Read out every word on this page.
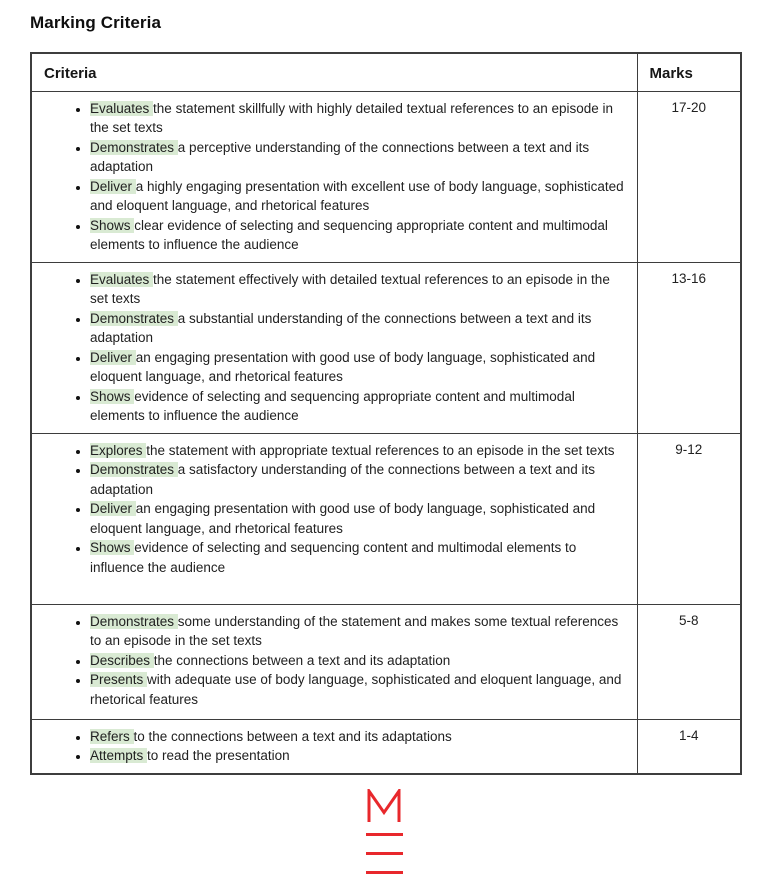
Marking Criteria
Criteria	Marks

• Evaluates the statement skillfully with highly detailed textual references to an episode in the set texts
• Demonstrates a perceptive understanding of the connections between a text and its adaptation
• Deliver a highly engaging presentation with excellent use of body language, sophisticated and eloquent language, and rhetorical features
• Shows clear evidence of selecting and sequencing appropriate content and multimodal elements to influence the audience
	17-20

• Evaluates the statement effectively with detailed textual references to an episode in the set texts
• Demonstrates a substantial understanding of the connections between a text and its adaptation
• Deliver an engaging presentation with good use of body language, sophisticated and eloquent language, and rhetorical features
• Shows evidence of selecting and sequencing appropriate content and multimodal elements to influence the audience
	13-16

• Explores the statement with appropriate textual references to an episode in the set texts
• Demonstrates a satisfactory understanding of the connections between a text and its adaptation
• Deliver an engaging presentation with good use of body language, sophisticated and eloquent language, and rhetorical features
• Shows evidence of selecting and sequencing content and multimodal elements to influence the audience
	9-12

• Demonstrates some understanding of the statement and makes some textual references to an episode in the set texts
• Describes the connections between a text and its adaptation
• Presents with adequate use of body language, sophisticated and eloquent language, and rhetorical features
	5-8

• Refers to the connections between a text and its adaptations
• Attempts to read the presentation
	1-4
